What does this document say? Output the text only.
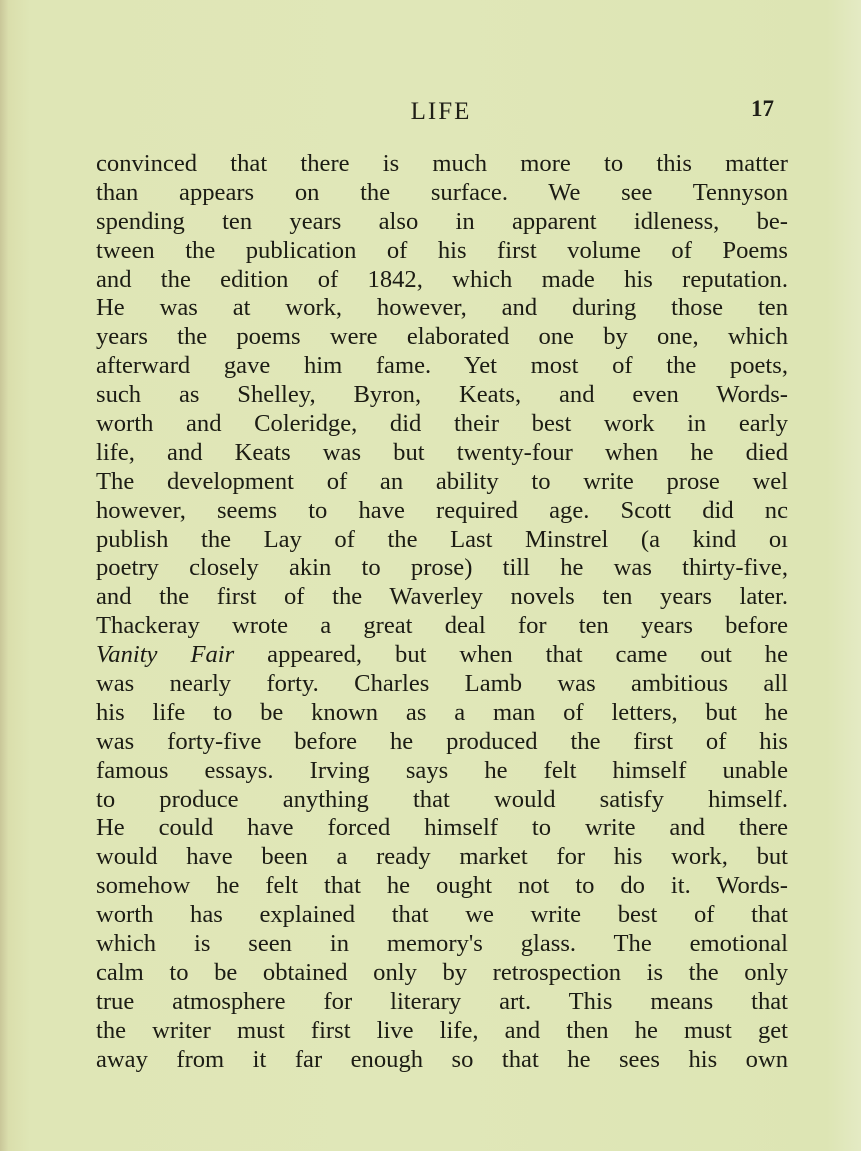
LIFE	17
convinced that there is much more to this matter
than appears on the surface. We see Tennyson
spending ten years also in apparent idleness, be-
tween the publication of his first volume of Poems
and the edition of 1842, which made his reputation.
He was at work, however, and during those ten
years the poems were elaborated one by one, which
afterward gave him fame. Yet most of the poets,
such as Shelley, Byron, Keats, and even Words-
worth and Coleridge, did their best work in early
life, and Keats was but twenty-four when he died
The development of an ability to write prose wel
however, seems to have required age. Scott did nc
publish the Lay of the Last Minstrel (a kind oı
poetry closely akin to prose) till he was thirty-five,
and the first of the Waverley novels ten years later.
Thackeray wrote a great deal for ten years before
Vanity Fair appeared, but when that came out he
was nearly forty. Charles Lamb was ambitious all
his life to be known as a man of letters, but he
was forty-five before he produced the first of his
famous essays. Irving says he felt himself unable
to produce anything that would satisfy himself.
He could have forced himself to write and there
would have been a ready market for his work, but
somehow he felt that he ought not to do it. Words-
worth has explained that we write best of that
which is seen in memory's glass. The emotional
calm to be obtained only by retrospection is the only
true atmosphere for literary art. This means that
the writer must first live life, and then he must get
away from it far enough so that he sees his own
